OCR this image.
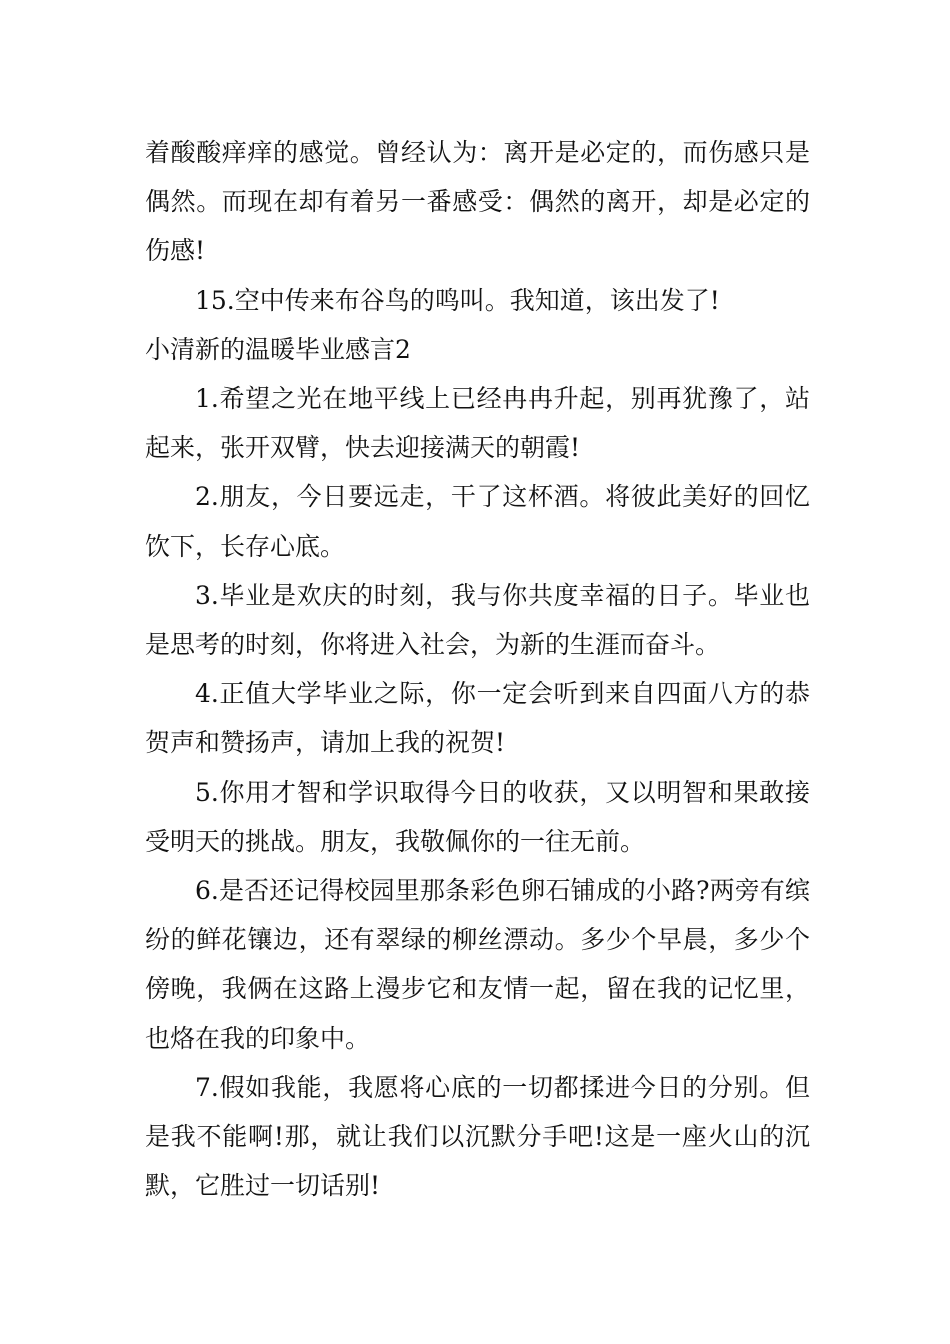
着酸酸痒痒的感觉。曾经认为：离开是必定的，而伤感只是偶然。而现在却有着另一番感受：偶然的离开，却是必定的伤感!

15.空中传来布谷鸟的鸣叫。我知道，该出发了!

小清新的温暖毕业感言2

1.希望之光在地平线上已经冉冉升起，别再犹豫了，站起来，张开双臂，快去迎接满天的朝霞!

2.朋友，今日要远走，干了这杯酒。将彼此美好的回忆饮下，长存心底。

3.毕业是欢庆的时刻，我与你共度幸福的日子。毕业也是思考的时刻，你将进入社会，为新的生涯而奋斗。

4.正值大学毕业之际，你一定会听到来自四面八方的恭贺声和赞扬声，请加上我的祝贺!

5.你用才智和学识取得今日的收获，又以明智和果敢接受明天的挑战。朋友，我敬佩你的一往无前。

6.是否还记得校园里那条彩色卵石铺成的小路?两旁有缤纷的鲜花镶边，还有翠绿的柳丝漂动。多少个早晨，多少个傍晚，我俩在这路上漫步它和友情一起，留在我的记忆里，也烙在我的印象中。

7.假如我能，我愿将心底的一切都揉进今日的分别。但是我不能啊!那，就让我们以沉默分手吧!这是一座火山的沉默，它胜过一切话别!
